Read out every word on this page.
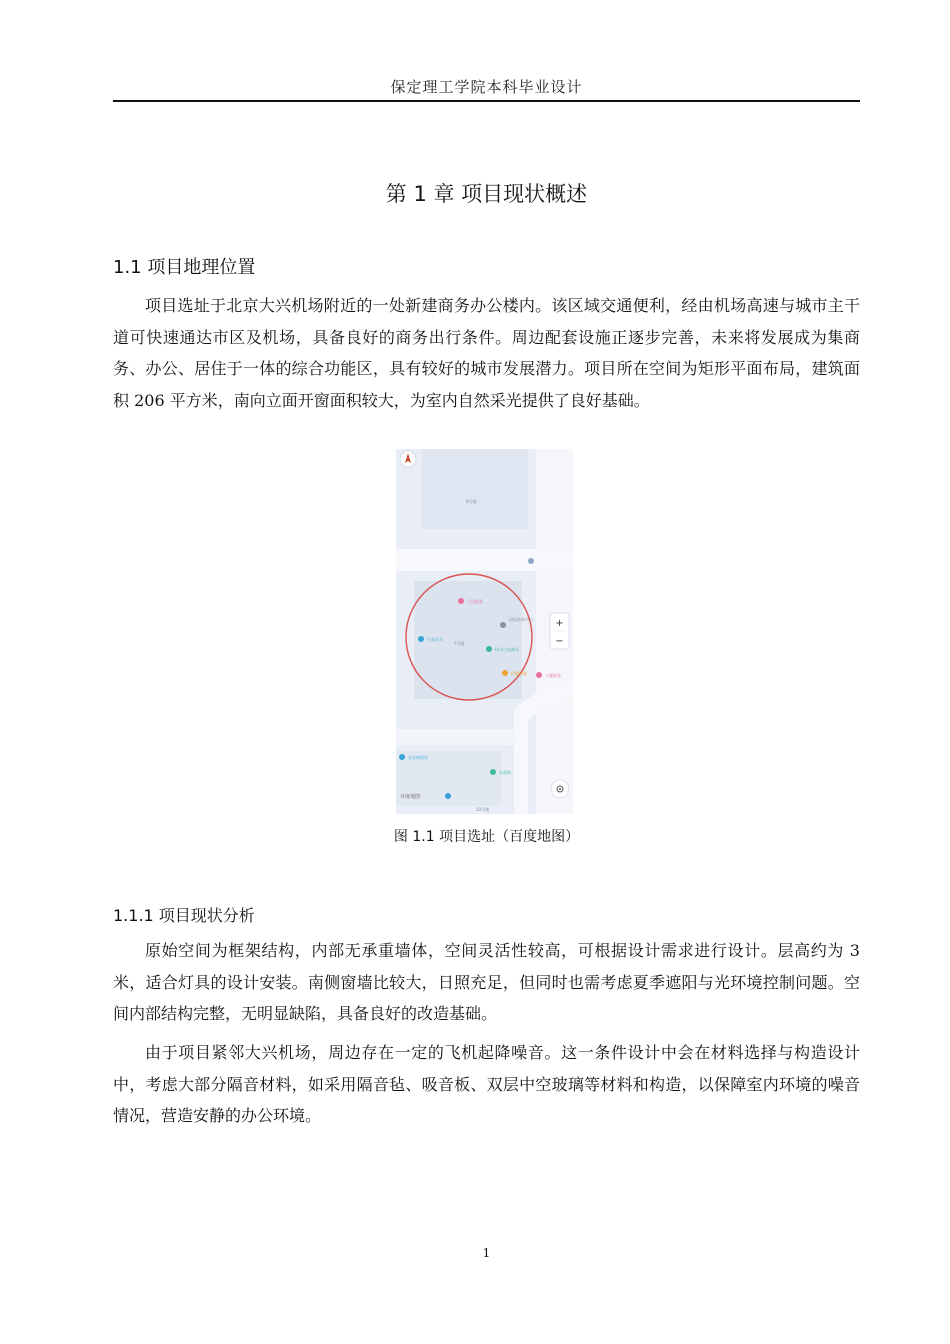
保定理工学院本科毕业设计
第 1 章 项目现状概述
1.1 项目地理位置

项目选址于北京大兴机场附近的一处新建商务办公楼内。该区域交通便利，经由机场高速与城市主干道可快速通达市区及机场，具备良好的商务出行条件。周边配套设施正逐步完善，未来将发展成为集商务、办公、居住于一体的综合功能区，具有较好的城市发展潜力。项目所在空间为矩形平面布局，建筑面积 206 平方米，南向立面开窗面积较大，为室内自然采光提供了良好基础。

6号楼
千迈服务
国际商务中心
大家乐天
7号楼
Hi小白电源站
佰顺商厦	大翼服务
北京新机场
安鼎阁
百度地图
10号楼
+
−
图 1.1 项目选址（百度地图）
1.1.1 项目现状分析

原始空间为框架结构，内部无承重墙体，空间灵活性较高，可根据设计需求进行设计。层高约为 3 米，适合灯具的设计安装。南侧窗墙比较大，日照充足，但同时也需考虑夏季遮阳与光环境控制问题。空间内部结构完整，无明显缺陷，具备良好的改造基础。

由于项目紧邻大兴机场，周边存在一定的飞机起降噪音。这一条件设计中会在材料选择与构造设计中，考虑大部分隔音材料，如采用隔音毡、吸音板、双层中空玻璃等材料和构造，以保障室内环境的噪音情况，营造安静的办公环境。

1
